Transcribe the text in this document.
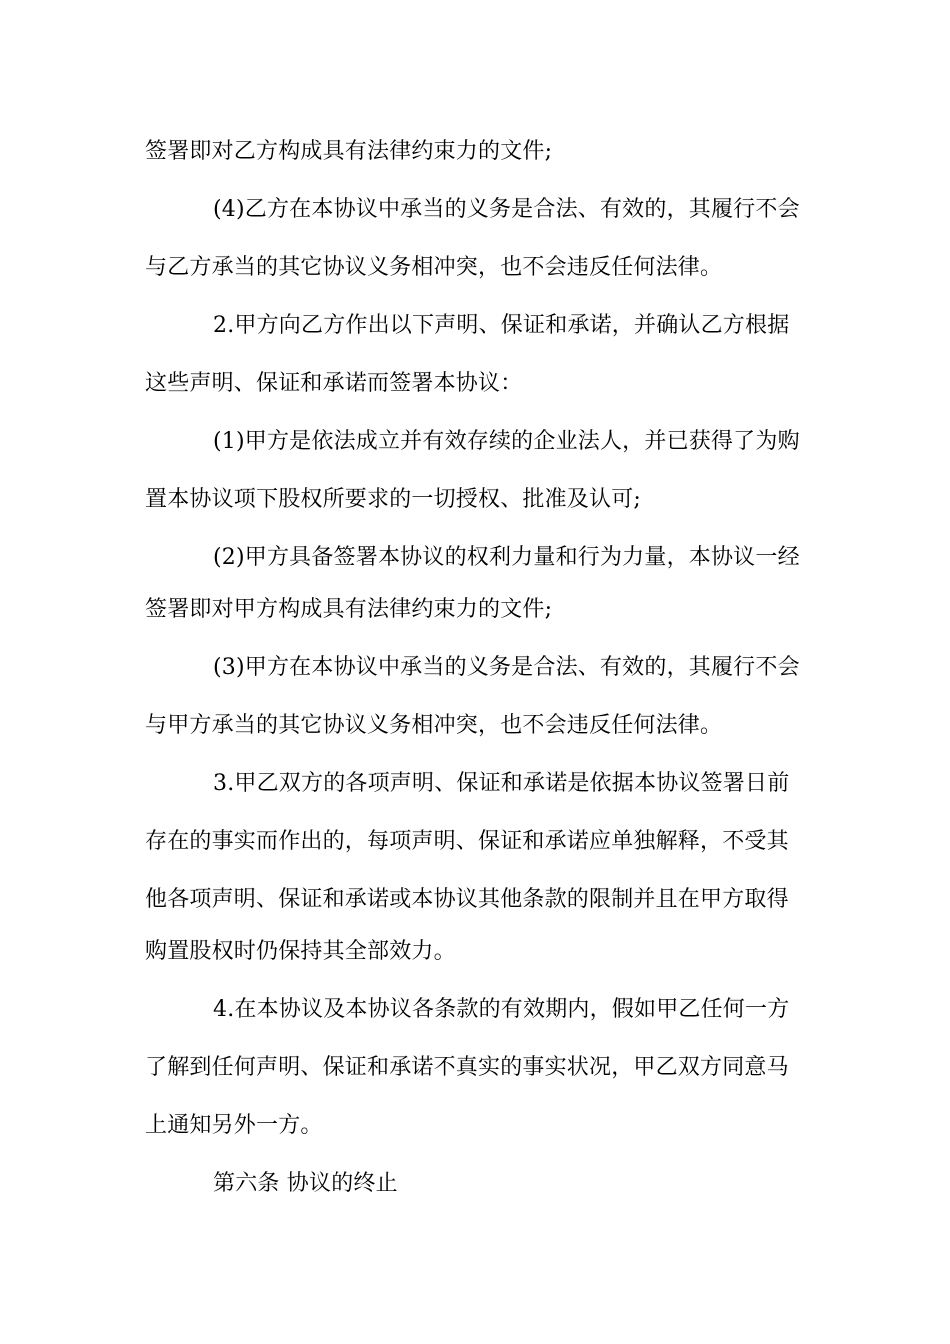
签署即对乙方构成具有法律约束力的文件;
(4)乙方在本协议中承当的义务是合法、有效的，其履行不会
与乙方承当的其它协议义务相冲突，也不会违反任何法律。
2.甲方向乙方作出以下声明、保证和承诺，并确认乙方根据
这些声明、保证和承诺而签署本协议：
(1)甲方是依法成立并有效存续的企业法人，并已获得了为购
置本协议项下股权所要求的一切授权、批准及认可;
(2)甲方具备签署本协议的权利力量和行为力量，本协议一经
签署即对甲方构成具有法律约束力的文件;
(3)甲方在本协议中承当的义务是合法、有效的，其履行不会
与甲方承当的其它协议义务相冲突，也不会违反任何法律。
3.甲乙双方的各项声明、保证和承诺是依据本协议签署日前
存在的事实而作出的，每项声明、保证和承诺应单独解释，不受其
他各项声明、保证和承诺或本协议其他条款的限制并且在甲方取得
购置股权时仍保持其全部效力。
4.在本协议及本协议各条款的有效期内，假如甲乙任何一方
了解到任何声明、保证和承诺不真实的事实状况，甲乙双方同意马
上通知另外一方。
第六条 协议的终止
